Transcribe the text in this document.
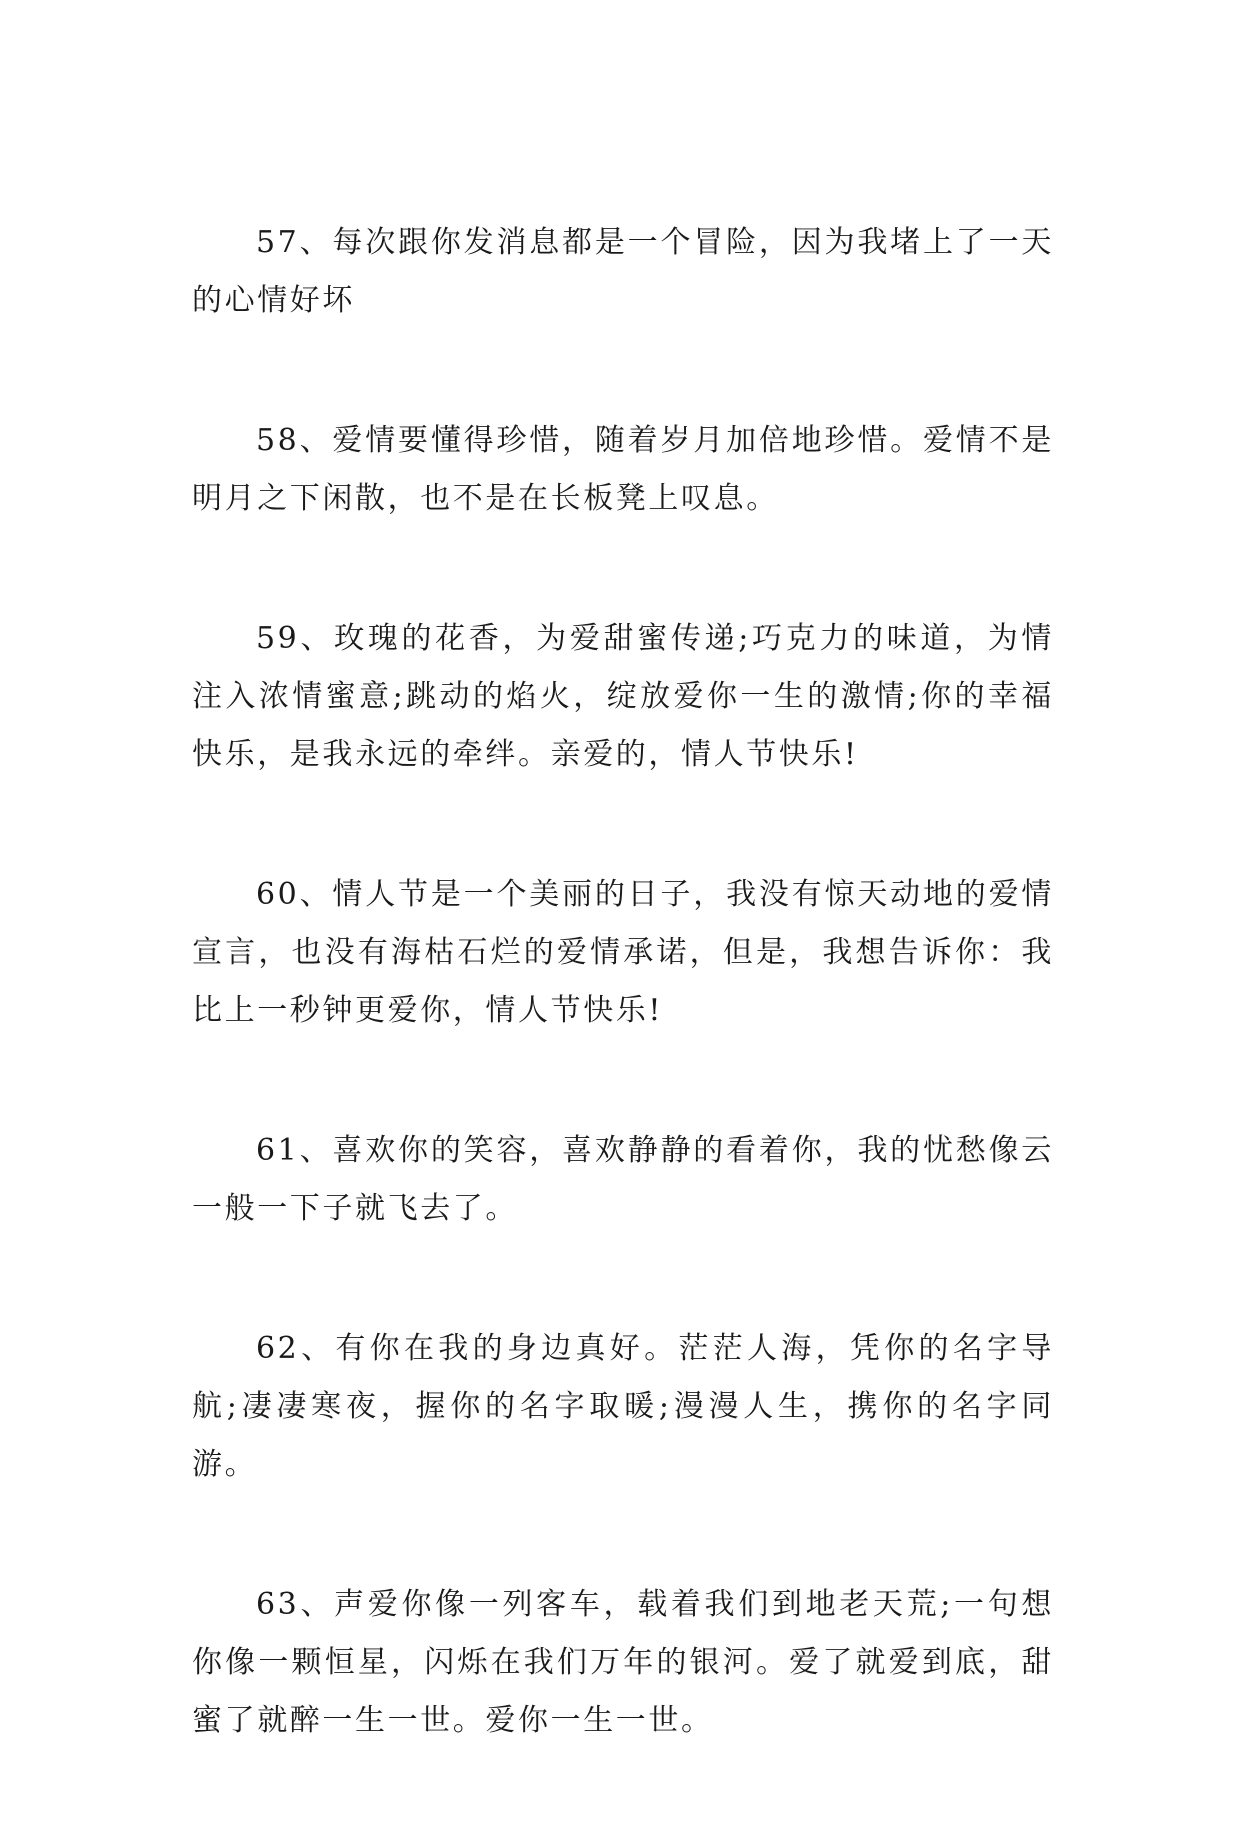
57、每次跟你发消息都是一个冒险，因为我堵上了一天的心情好坏

58、爱情要懂得珍惜，随着岁月加倍地珍惜。爱情不是明月之下闲散，也不是在长板凳上叹息。

59、玫瑰的花香，为爱甜蜜传递;巧克力的味道，为情注入浓情蜜意;跳动的焰火，绽放爱你一生的激情;你的幸福快乐，是我永远的牵绊。亲爱的，情人节快乐!

60、情人节是一个美丽的日子，我没有惊天动地的爱情宣言，也没有海枯石烂的爱情承诺，但是，我想告诉你：我比上一秒钟更爱你，情人节快乐!

61、喜欢你的笑容，喜欢静静的看着你，我的忧愁像云一般一下子就飞去了。

62、有你在我的身边真好。茫茫人海，凭你的名字导航;凄凄寒夜，握你的名字取暖;漫漫人生，携你的名字同游。

63、声爱你像一列客车，载着我们到地老天荒;一句想你像一颗恒星，闪烁在我们万年的银河。爱了就爱到底，甜蜜了就醉一生一世。爱你一生一世。
